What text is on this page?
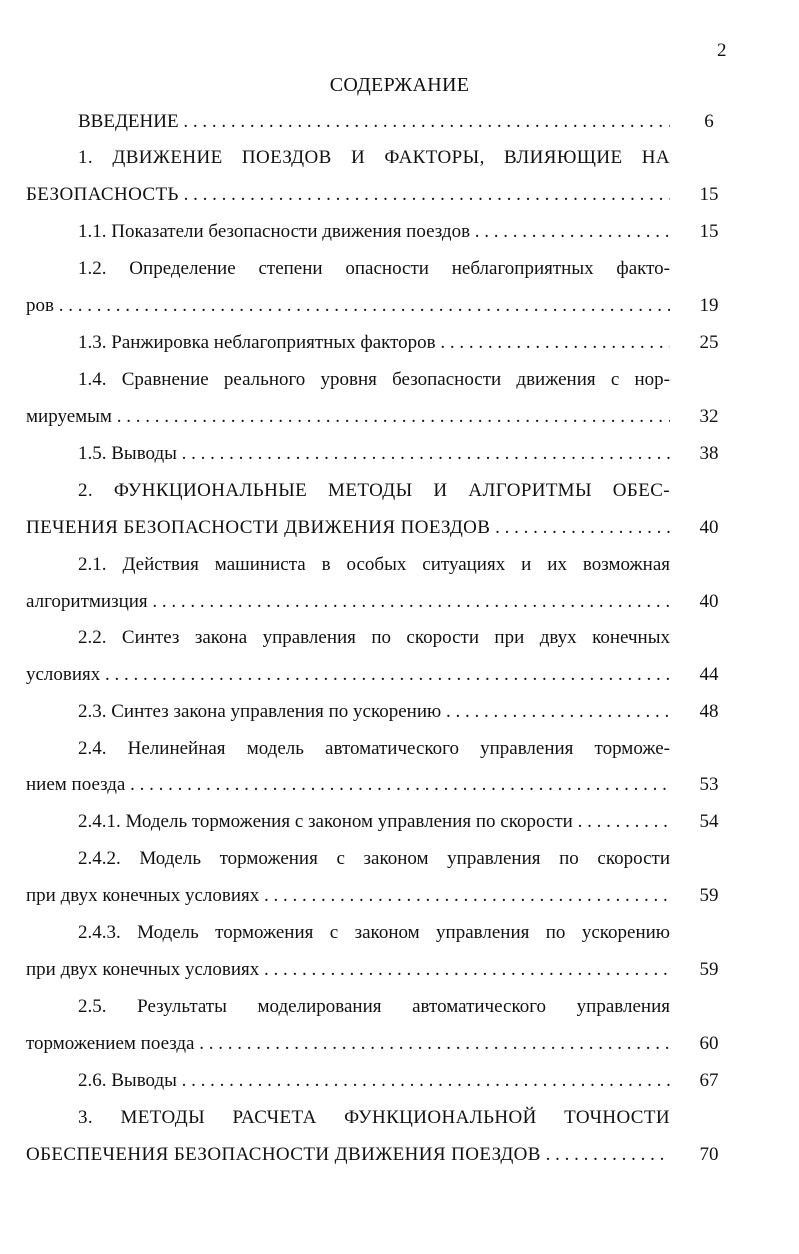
2
СОДЕРЖАНИЕ
ВВЕДЕНИЕ . . .	6
1. ДВИЖЕНИЕ ПОЕЗДОВ И ФАКТОРЫ, ВЛИЯЮЩИЕ НА
БЕЗОПАСНОСТЬ . . .	15
1.1. Показатели безопасности движения поездов . . .	15
1.2. Определение степени опасности неблагоприятных факто-
ров . . .	19
1.3. Ранжировка неблагоприятных факторов . . .	25
1.4. Сравнение реального уровня безопасности движения с нор-
мируемым . . .	32
1.5. Выводы . . .	38
2. ФУНКЦИОНАЛЬНЫЕ МЕТОДЫ И АЛГОРИТМЫ ОБЕС-
ПЕЧЕНИЯ БЕЗОПАСНОСТИ ДВИЖЕНИЯ ПОЕЗДОВ . . .	40
2.1. Действия машиниста в особых ситуациях и их возможная
алгоритмизция . . .	40
2.2. Синтез закона управления по скорости при двух конечных
условиях . . .	44
2.3. Синтез закона управления по ускорению . . .	48
2.4. Нелинейная модель автоматического управления торможе-
нием поезда . . .	53
2.4.1. Модель торможения с законом управления по скорости . . .	54
2.4.2. Модель торможения с законом управления по скорости
при двух конечных условиях . . .	59
2.4.3. Модель торможения с законом управления по ускорению
при двух конечных условиях . . .	59
2.5. Результаты моделирования автоматического управления
торможением поезда . . .	60
2.6. Выводы . . .	67
3. МЕТОДЫ РАСЧЕТА ФУНКЦИОНАЛЬНОЙ ТОЧНОСТИ
ОБЕСПЕЧЕНИЯ БЕЗОПАСНОСТИ ДВИЖЕНИЯ ПОЕЗДОВ . . .	70
